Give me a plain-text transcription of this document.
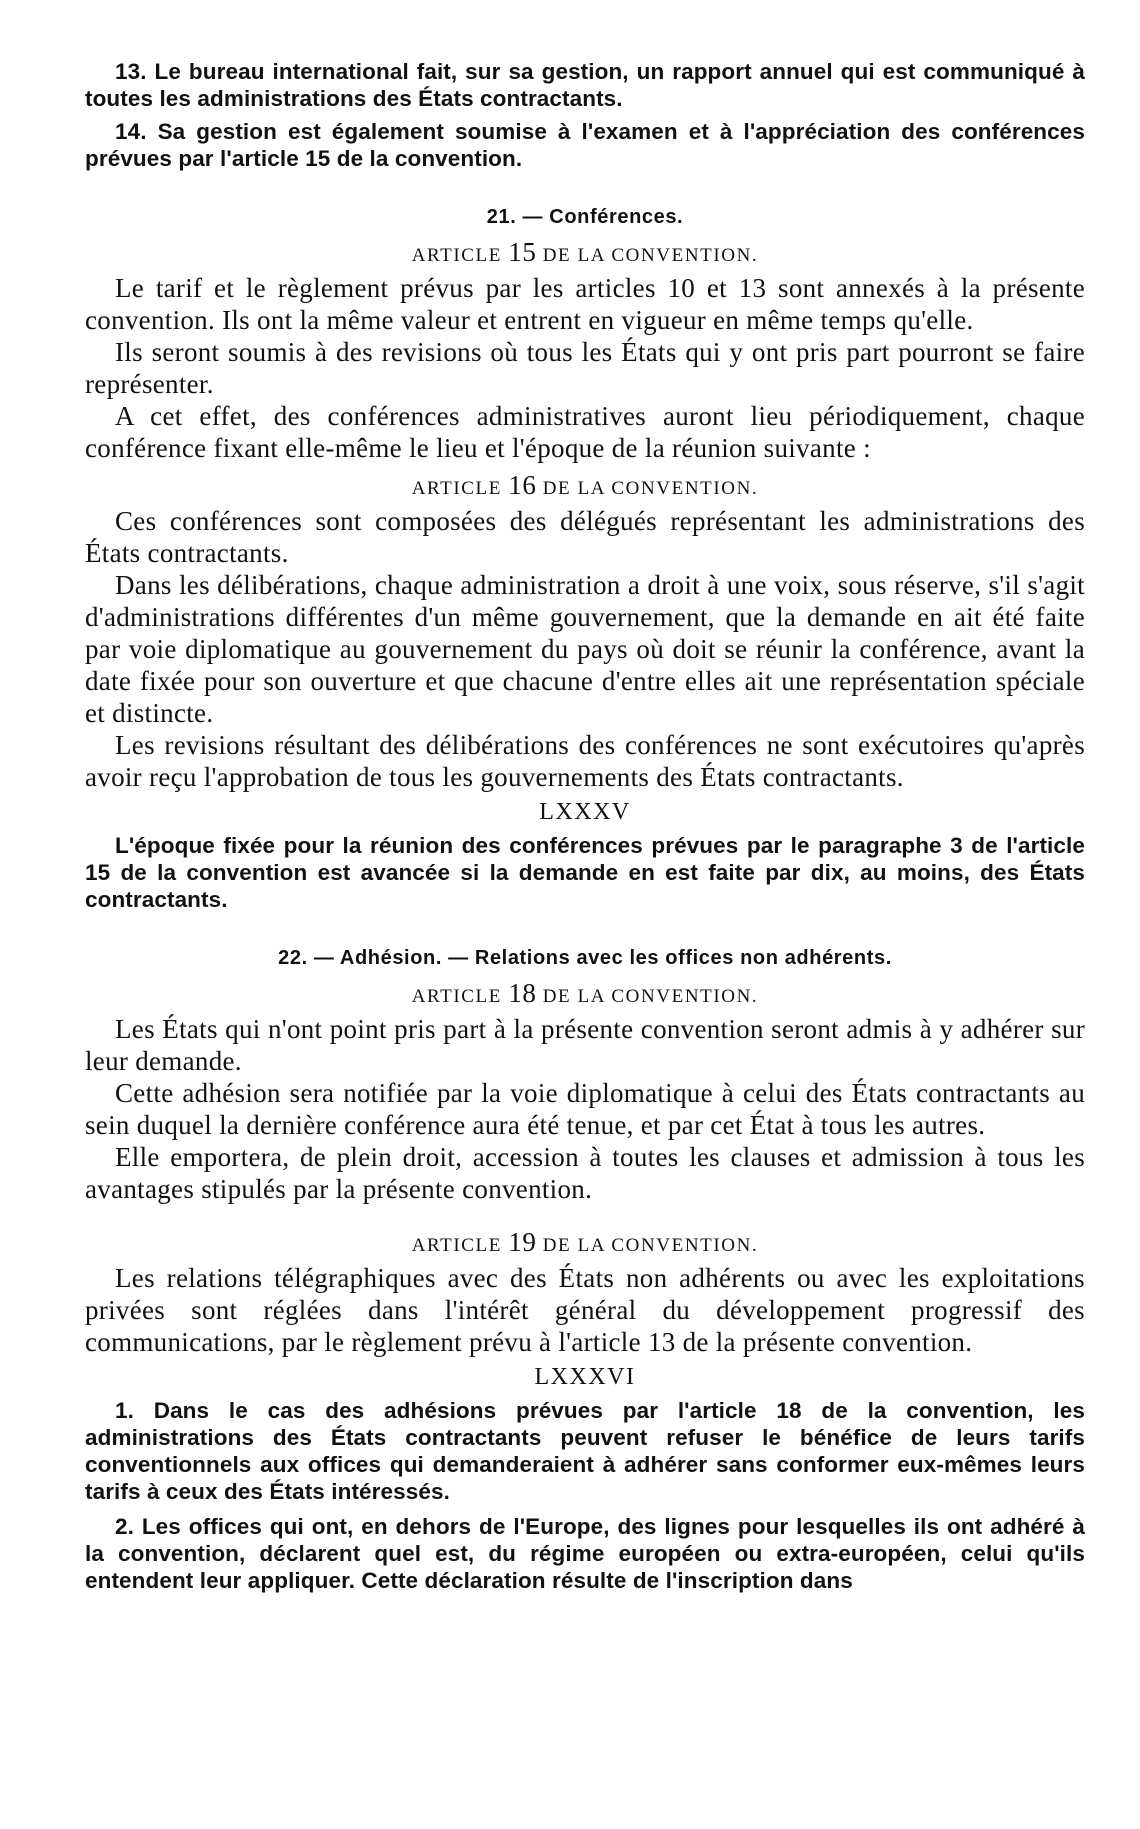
13. Le bureau international fait, sur sa gestion, un rapport annuel qui est communiqué à toutes les administrations des États contractants.

14. Sa gestion est également soumise à l'examen et à l'appréciation des conférences prévues par l'article 15 de la convention.

21. — Conférences.

ARTICLE 15 DE LA CONVENTION.

Le tarif et le règlement prévus par les articles 10 et 13 sont annexés à la présente convention. Ils ont la même valeur et entrent en vigueur en même temps qu'elle.

Ils seront soumis à des revisions où tous les États qui y ont pris part pourront se faire représenter.

A cet effet, des conférences administratives auront lieu périodiquement, chaque conférence fixant elle-même le lieu et l'époque de la réunion suivante :

ARTICLE 16 DE LA CONVENTION.

Ces conférences sont composées des délégués représentant les administrations des États contractants.

Dans les délibérations, chaque administration a droit à une voix, sous réserve, s'il s'agit d'administrations différentes d'un même gouvernement, que la demande en ait été faite par voie diplomatique au gouvernement du pays où doit se réunir la conférence, avant la date fixée pour son ouverture et que chacune d'entre elles ait une représentation spéciale et distincte.

Les revisions résultant des délibérations des conférences ne sont exécutoires qu'après avoir reçu l'approbation de tous les gouvernements des États contractants.

LXXXV

L'époque fixée pour la réunion des conférences prévues par le paragraphe 3 de l'article 15 de la convention est avancée si la demande en est faite par dix, au moins, des États contractants.

22. — Adhésion. — Relations avec les offices non adhérents.

ARTICLE 18 DE LA CONVENTION.

Les États qui n'ont point pris part à la présente convention seront admis à y adhérer sur leur demande.

Cette adhésion sera notifiée par la voie diplomatique à celui des États contractants au sein duquel la dernière conférence aura été tenue, et par cet État à tous les autres.

Elle emportera, de plein droit, accession à toutes les clauses et admission à tous les avantages stipulés par la présente convention.

ARTICLE 19 DE LA CONVENTION.

Les relations télégraphiques avec des États non adhérents ou avec les exploitations privées sont réglées dans l'intérêt général du développement progressif des communications, par le règlement prévu à l'article 13 de la présente convention.

LXXXVI

1. Dans le cas des adhésions prévues par l'article 18 de la convention, les administrations des États contractants peuvent refuser le bénéfice de leurs tarifs conventionnels aux offices qui demanderaient à adhérer sans conformer eux-mêmes leurs tarifs à ceux des États intéressés.

2. Les offices qui ont, en dehors de l'Europe, des lignes pour lesquelles ils ont adhéré à la convention, déclarent quel est, du régime européen ou extra-européen, celui qu'ils entendent leur appliquer. Cette déclaration résulte de l'inscription dans
